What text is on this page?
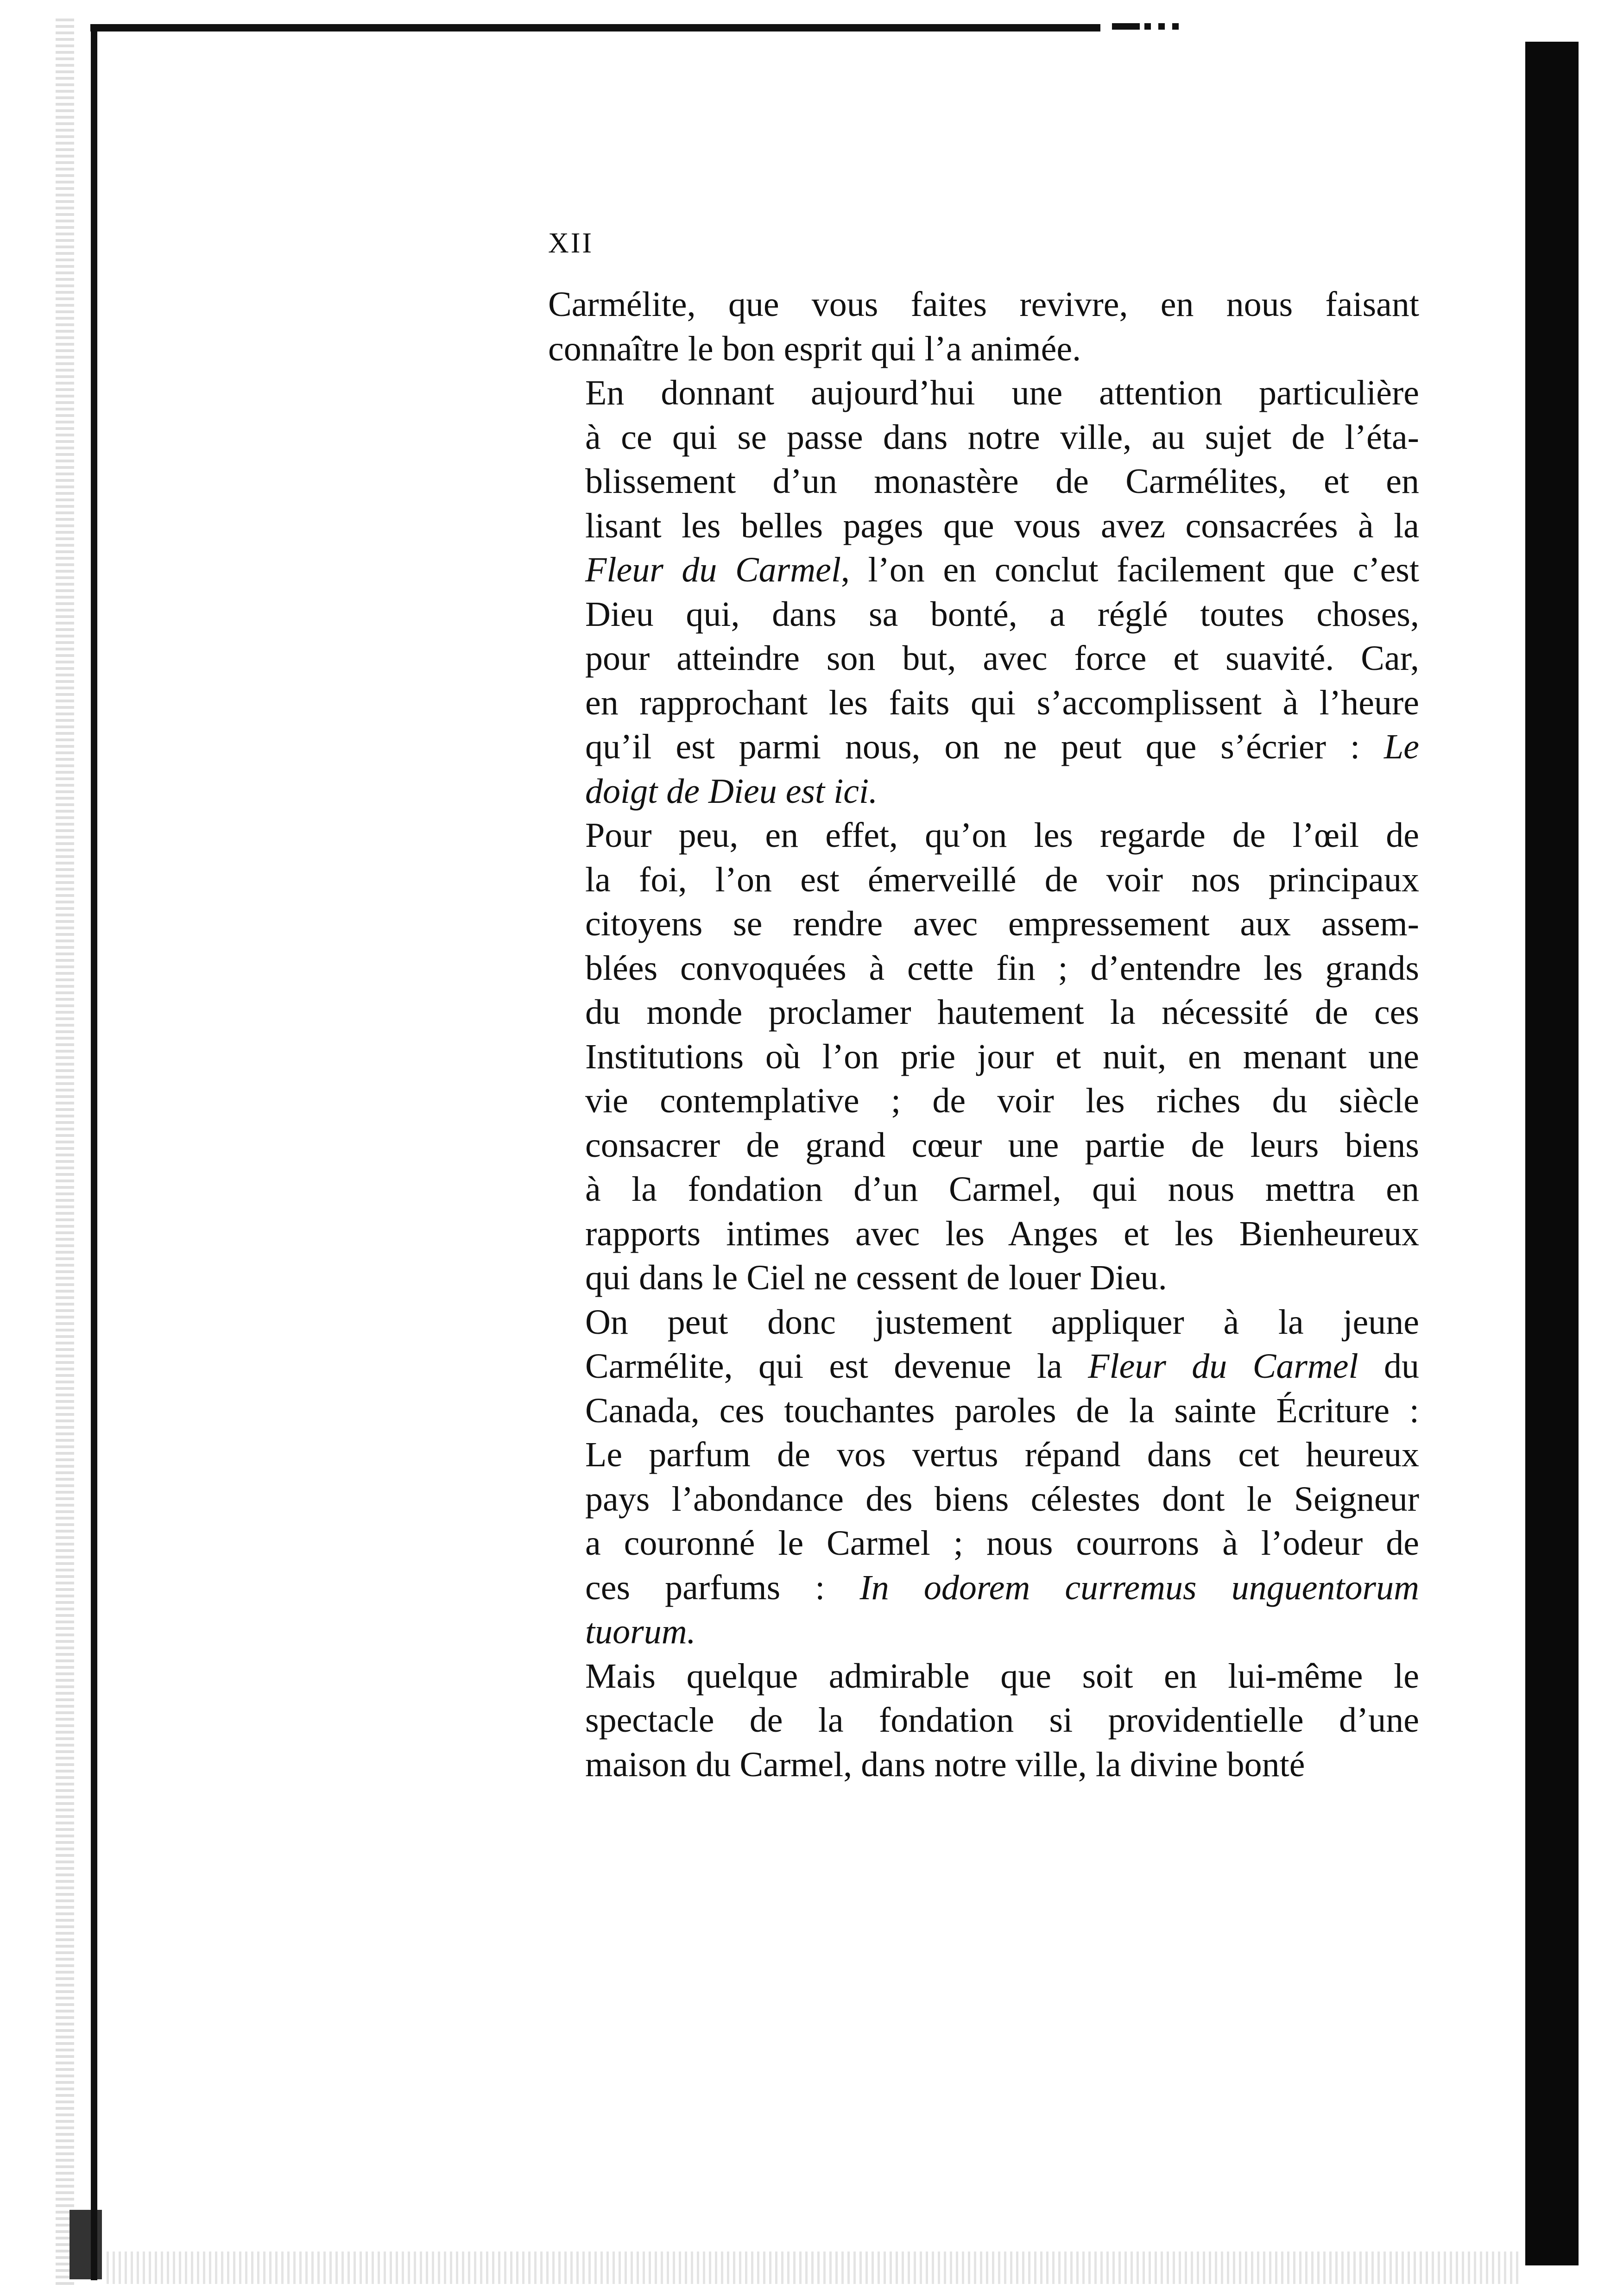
XII

Carmélite, que vous faites revivre, en nous faisant
connaître le bon esprit qui l’a animée.

En donnant aujourd’hui une attention particulière
à ce qui se passe dans notre ville, au sujet de l’éta-
blissement d’un monastère de Carmélites, et en
lisant les belles pages que vous avez consacrées à la
Fleur du Carmel, l’on en conclut facilement que c’est
Dieu qui, dans sa bonté, a réglé toutes choses,
pour atteindre son but, avec force et suavité. Car,
en rapprochant les faits qui s’accomplissent à l’heure
qu’il est parmi nous, on ne peut que s’écrier : Le
doigt de Dieu est ici.

Pour peu, en effet, qu’on les regarde de l’œil de
la foi, l’on est émerveillé de voir nos principaux
citoyens se rendre avec empressement aux assem-
blées convoquées à cette fin ; d’entendre les grands
du monde proclamer hautement la nécessité de ces
Institutions où l’on prie jour et nuit, en menant une
vie contemplative ; de voir les riches du siècle
consacrer de grand cœur une partie de leurs biens
à la fondation d’un Carmel, qui nous mettra en
rapports intimes avec les Anges et les Bienheureux
qui dans le Ciel ne cessent de louer Dieu.

On peut donc justement appliquer à la jeune
Carmélite, qui est devenue la Fleur du Carmel du
Canada, ces touchantes paroles de la sainte Écriture :
Le parfum de vos vertus répand dans cet heureux
pays l’abondance des biens célestes dont le Seigneur
a couronné le Carmel ; nous courrons à l’odeur de
ces parfums : In odorem curremus unguentorum
tuorum.

Mais quelque admirable que soit en lui-même le
spectacle de la fondation si providentielle d’une
maison du Carmel, dans notre ville, la divine bonté
